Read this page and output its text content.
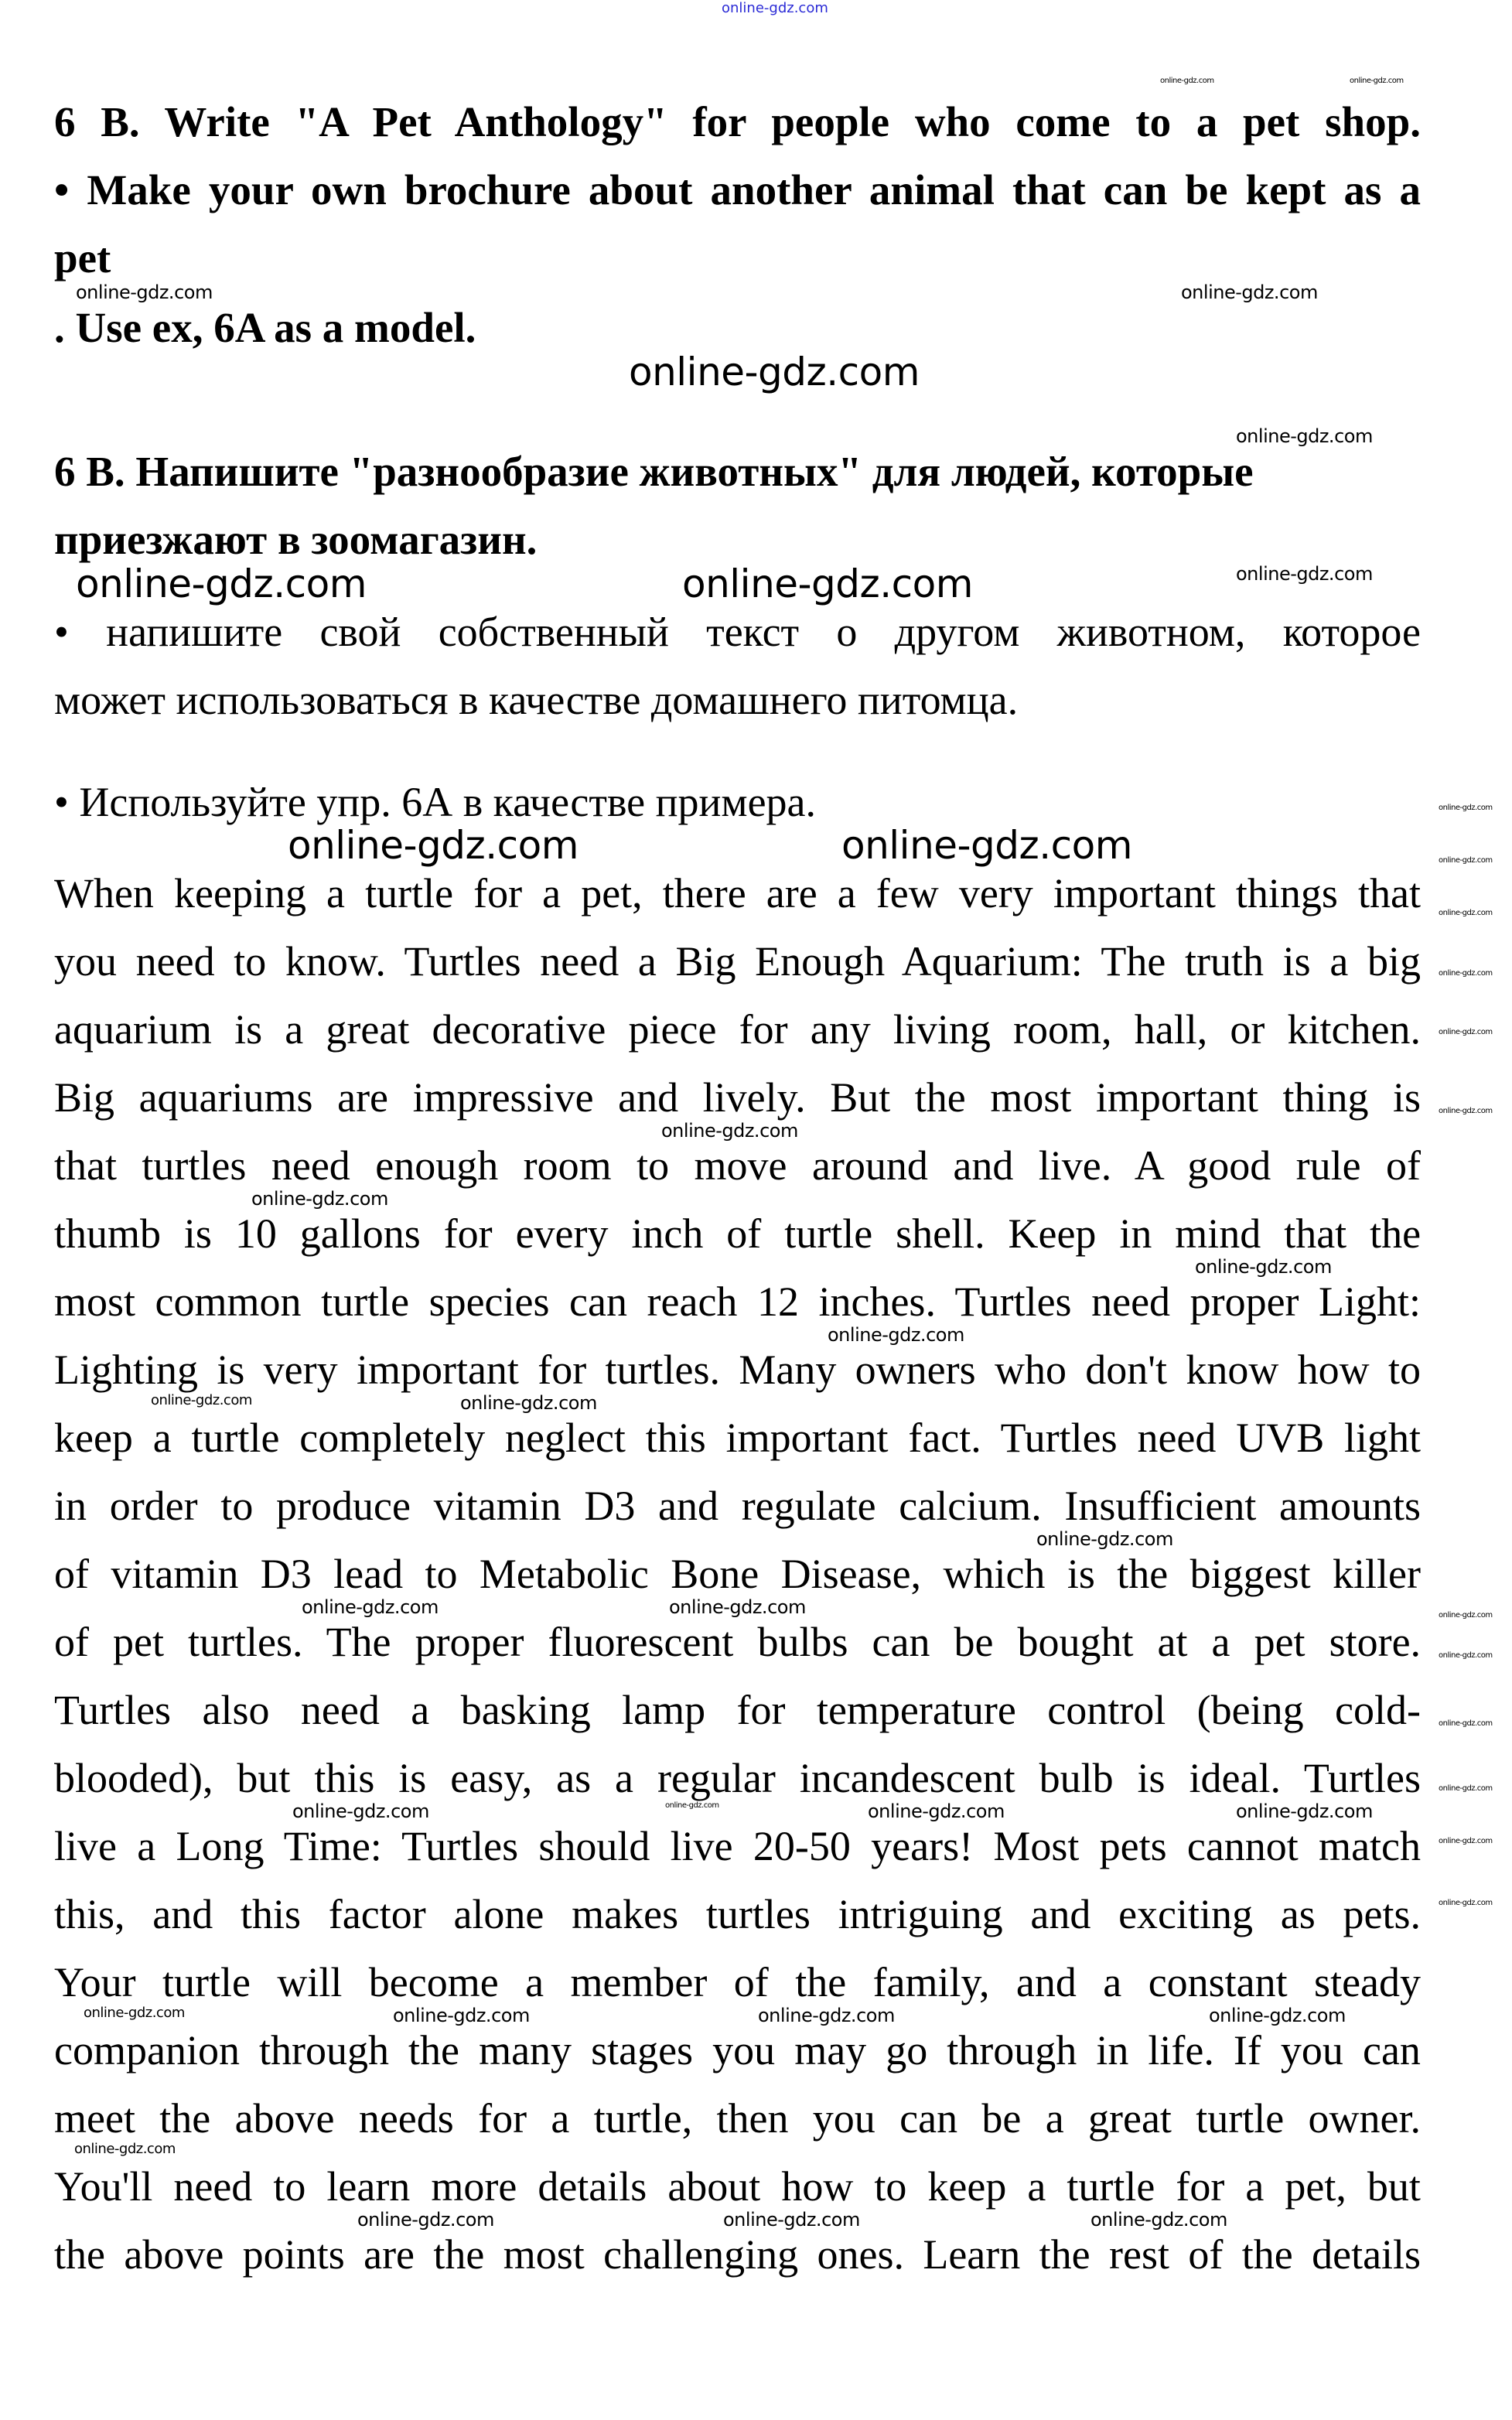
online-gdz.com
online-gdz.com	online-gdz.com
6 B. Write "A Pet Anthology" for people who come to a pet shop.
• Make your own brochure about another animal that can be kept as a
pet
online-gdz.com	online-gdz.com
. Use ex, 6A as a model.
online-gdz.com
online-gdz.com
6 В. Напишите "разнообразие животных" для людей, которые
приезжают в зоомагазин.
online-gdz.com	online-gdz.com	online-gdz.com
• напишите свой собственный текст о другом животном, которое
может использоваться в качестве домашнего питомца.
• Используйте упр. 6А в качестве примера.
online-gdz.com	online-gdz.com
When keeping a turtle for a pet, there are a few very important things that
you need to know. Turtles need a Big Enough Aquarium: The truth is a big
aquarium is a great decorative piece for any living room, hall, or kitchen.
Big aquariums are impressive and lively. But the most important thing is
online-gdz.com
that turtles need enough room to move around and live. A good rule of
online-gdz.com
thumb is 10 gallons for every inch of turtle shell. Keep in mind that the
online-gdz.com
most common turtle species can reach 12 inches. Turtles need proper Light:
online-gdz.com
Lighting is very important for turtles. Many owners who don't know how to
online-gdz.com	online-gdz.com
keep a turtle completely neglect this important fact. Turtles need UVB light
in order to produce vitamin D3 and regulate calcium. Insufficient amounts
online-gdz.com
of vitamin D3 lead to Metabolic Bone Disease, which is the biggest killer
online-gdz.com	online-gdz.com
of pet turtles. The proper fluorescent bulbs can be bought at a pet store.
Turtles also need a basking lamp for temperature control (being cold-
blooded), but this is easy, as a regular incandescent bulb is ideal. Turtles
online-gdz.com	online-gdz.com	online-gdz.com	online-gdz.com
live a Long Time: Turtles should live 20-50 years! Most pets cannot match
this, and this factor alone makes turtles intriguing and exciting as pets.
Your turtle will become a member of the family, and a constant steady
online-gdz.com	online-gdz.com	online-gdz.com	online-gdz.com
companion through the many stages you may go through in life. If you can
meet the above needs for a turtle, then you can be a great turtle owner.
online-gdz.com
You'll need to learn more details about how to keep a turtle for a pet, but
online-gdz.com	online-gdz.com	online-gdz.com
the above points are the most challenging ones. Learn the rest of the details
online-gdz.com
online-gdz.com
online-gdz.com
online-gdz.com
online-gdz.com
online-gdz.com
online-gdz.com
online-gdz.com
online-gdz.com
online-gdz.com
online-gdz.com
online-gdz.com
